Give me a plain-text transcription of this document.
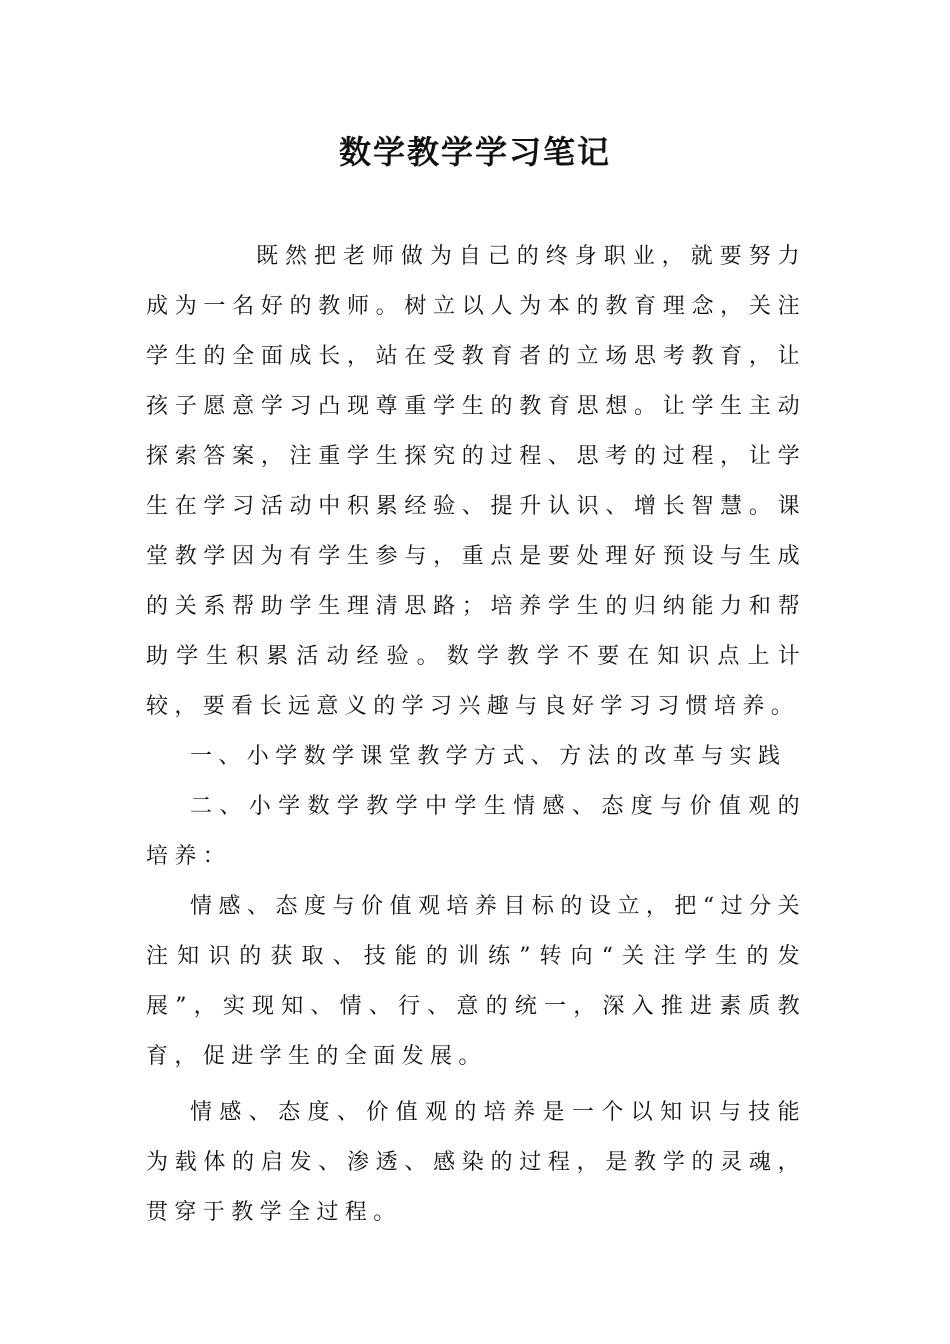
数学教学学习笔记

既然把老师做为自己的终身职业，就要努力成为一名好的教师。树立以人为本的教育理念，关注学生的全面成长，站在受教育者的立场思考教育，让孩子愿意学习凸现尊重学生的教育思想。让学生主动探索答案，注重学生探究的过程、思考的过程，让学生在学习活动中积累经验、提升认识、增长智慧。课堂教学因为有学生参与，重点是要处理好预设与生成的关系帮助学生理清思路；培养学生的归纳能力和帮助学生积累活动经验。数学教学不要在知识点上计较，要看长远意义的学习兴趣与良好学习习惯培养。

一、小学数学课堂教学方式、方法的改革与实践

二、小学数学教学中学生情感、态度与价值观的培养：

情感、态度与价值观培养目标的设立，把“过分关注知识的获取、技能的训练”转向“关注学生的发展”，实现知、情、行、意的统一，深入推进素质教育，促进学生的全面发展。

情感、态度、价值观的培养是一个以知识与技能为载体的启发、渗透、感染的过程，是教学的灵魂，贯穿于教学全过程。
